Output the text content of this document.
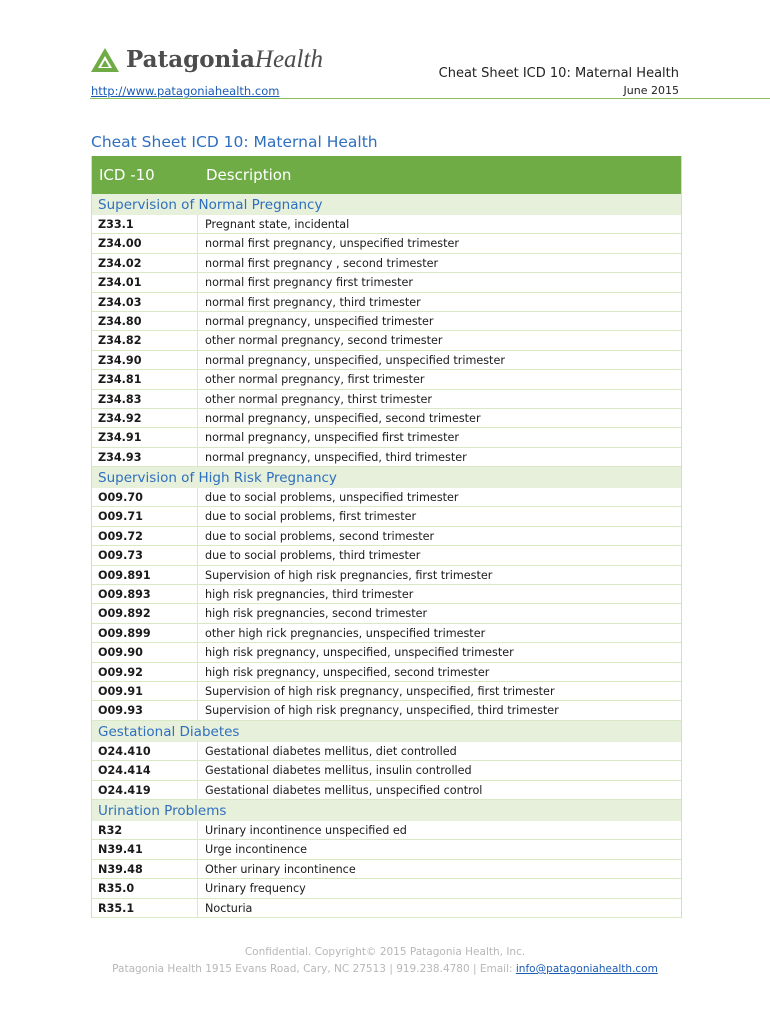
PatagoniaHealth
http://www.patagoniahealth.com
Cheat Sheet ICD 10: Maternal Health
June 2015
Cheat Sheet ICD 10: Maternal Health
ICD -10	Description
Supervision of Normal Pregnancy
Z33.1	Pregnant state, incidental
Z34.00	normal first pregnancy, unspecified trimester
Z34.02	normal first pregnancy , second trimester
Z34.01	normal first pregnancy first trimester
Z34.03	normal first pregnancy, third trimester
Z34.80	normal pregnancy, unspecified trimester
Z34.82	other normal pregnancy, second trimester
Z34.90	normal pregnancy, unspecified, unspecified trimester
Z34.81	other normal pregnancy, first trimester
Z34.83	other normal pregnancy, thirst trimester
Z34.92	normal pregnancy, unspecified, second trimester
Z34.91	normal pregnancy, unspecified first trimester
Z34.93	normal pregnancy, unspecified, third trimester
Supervision of High Risk Pregnancy
O09.70	due to social problems, unspecified trimester
O09.71	due to social problems, first trimester
O09.72	due to social problems, second trimester
O09.73	due to social problems, third trimester
O09.891	Supervision of high risk pregnancies, first trimester
O09.893	high risk pregnancies, third trimester
O09.892	high risk pregnancies, second trimester
O09.899	other high rick pregnancies, unspecified trimester
O09.90	high risk pregnancy, unspecified, unspecified trimester
O09.92	high risk pregnancy, unspecified, second trimester
O09.91	Supervision of high risk pregnancy, unspecified, first trimester
O09.93	Supervision of high risk pregnancy, unspecified, third trimester
Gestational Diabetes
O24.410	Gestational diabetes mellitus, diet controlled
O24.414	Gestational diabetes mellitus, insulin controlled
O24.419	Gestational diabetes mellitus, unspecified control
Urination Problems
R32	Urinary incontinence unspecified ed
N39.41	Urge incontinence
N39.48	Other urinary incontinence
R35.0	Urinary frequency
R35.1	Nocturia
Confidential. Copyright© 2015 Patagonia Health, Inc.
Patagonia Health 1915 Evans Road, Cary, NC 27513 | 919.238.4780 | Email: info@patagoniahealth.com
